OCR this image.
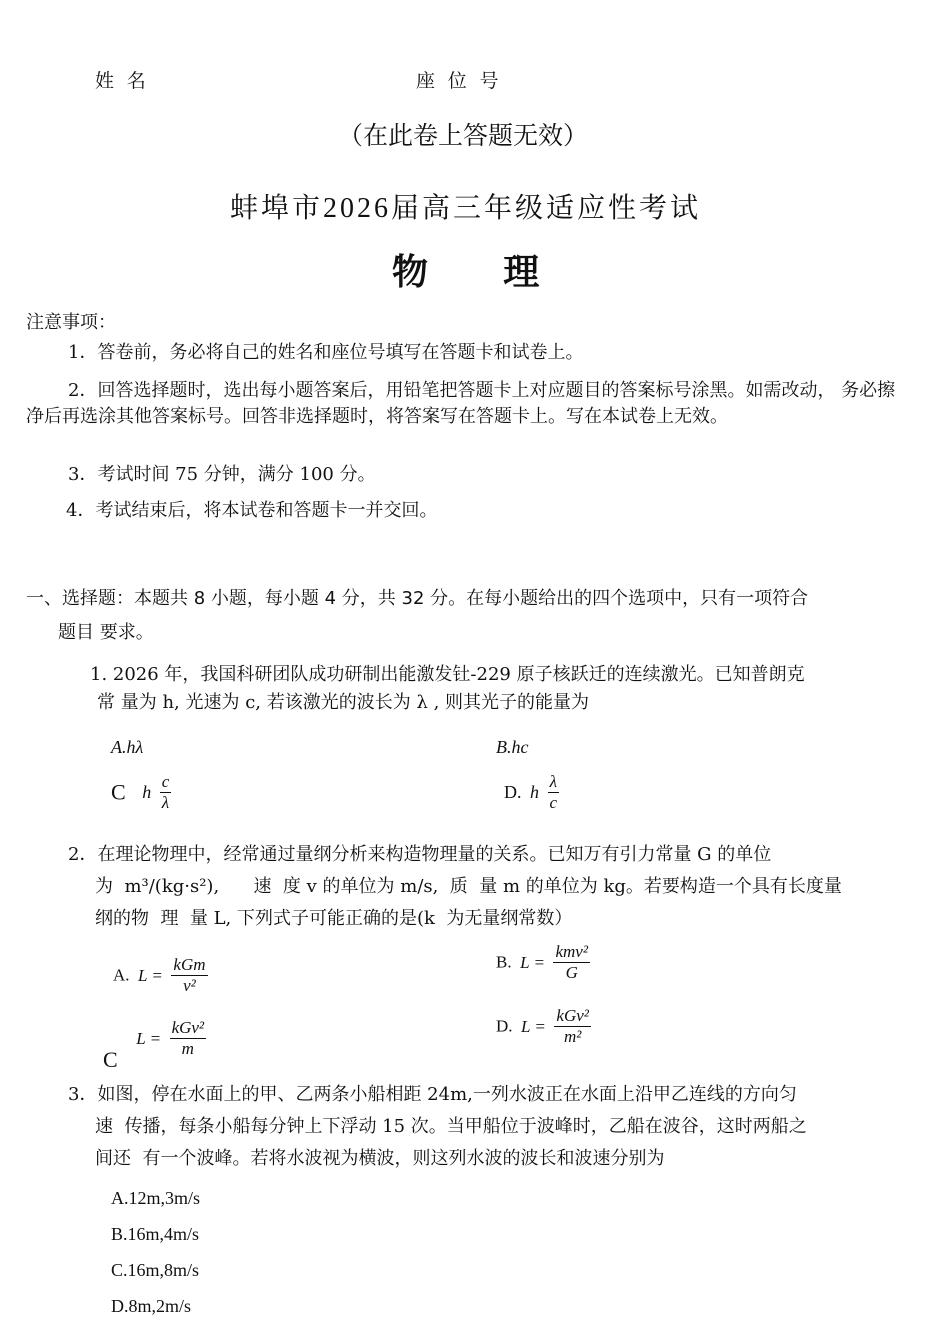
姓 名	座 位 号
（在此卷上答题无效）
蚌埠市2026届高三年级适应性考试
物      理
注意事项：
1．答卷前，务必将自己的姓名和座位号填写在答题卡和试卷上。
2．回答选择题时，选出每小题答案后，用铅笔把答题卡上对应题目的答案标号涂黑。如需改动， 务必擦净后再选涂其他答案标号。回答非选择题时，将答案写在答题卡上。写在本试卷上无效。
3．考试时间 75 分钟，满分 100 分。
4．考试结束后，将本试卷和答题卡一并交回。
一、选择题：本题共 8 小题，每小题 4 分，共 32 分。在每小题给出的四个选项中，只有一项符合
题目 要求。
1. 2026 年，我国科研团队成功研制出能激发钍-229 原子核跃迁的连续激光。已知普朗克
常 量为 h, 光速为 c, 若该激光的波长为 λ , 则其光子的能量为
A.hλ	B.hc
C h $\frac{c}{\lambda}$	D. h $\frac{\lambda}{c}$
2．在理论物理中，经常通过量纲分析来构造物理量的关系。已知万有引力常量 G 的单位
为  m³/(kg·s²),      速  度 v 的单位为 m/s,  质  量 m 的单位为 kg。若要构造一个具有长度量
纲的物  理  量 L, 下列式子可能正确的是(k  为无量纲常数）
A. $L = \frac{\text{kGm}}{\text{v²}}$	B. $L = \frac{\text{kmv²}}{G}$
C $L = \frac{\text{kGv²}}{m}$	D. $L = \frac{\text{kGv²}}{\text{m²}}$
3．如图，停在水面上的甲、乙两条小船相距 24m,一列水波正在水面上沿甲乙连线的方向匀
速  传播，每条小船每分钟上下浮动 15 次。当甲船位于波峰时，乙船在波谷，这时两船之
间还  有一个波峰。若将水波视为横波，则这列水波的波长和波速分别为
A.12m,3m/s
B.16m,4m/s
C.16m,8m/s
D.8m,2m/s
